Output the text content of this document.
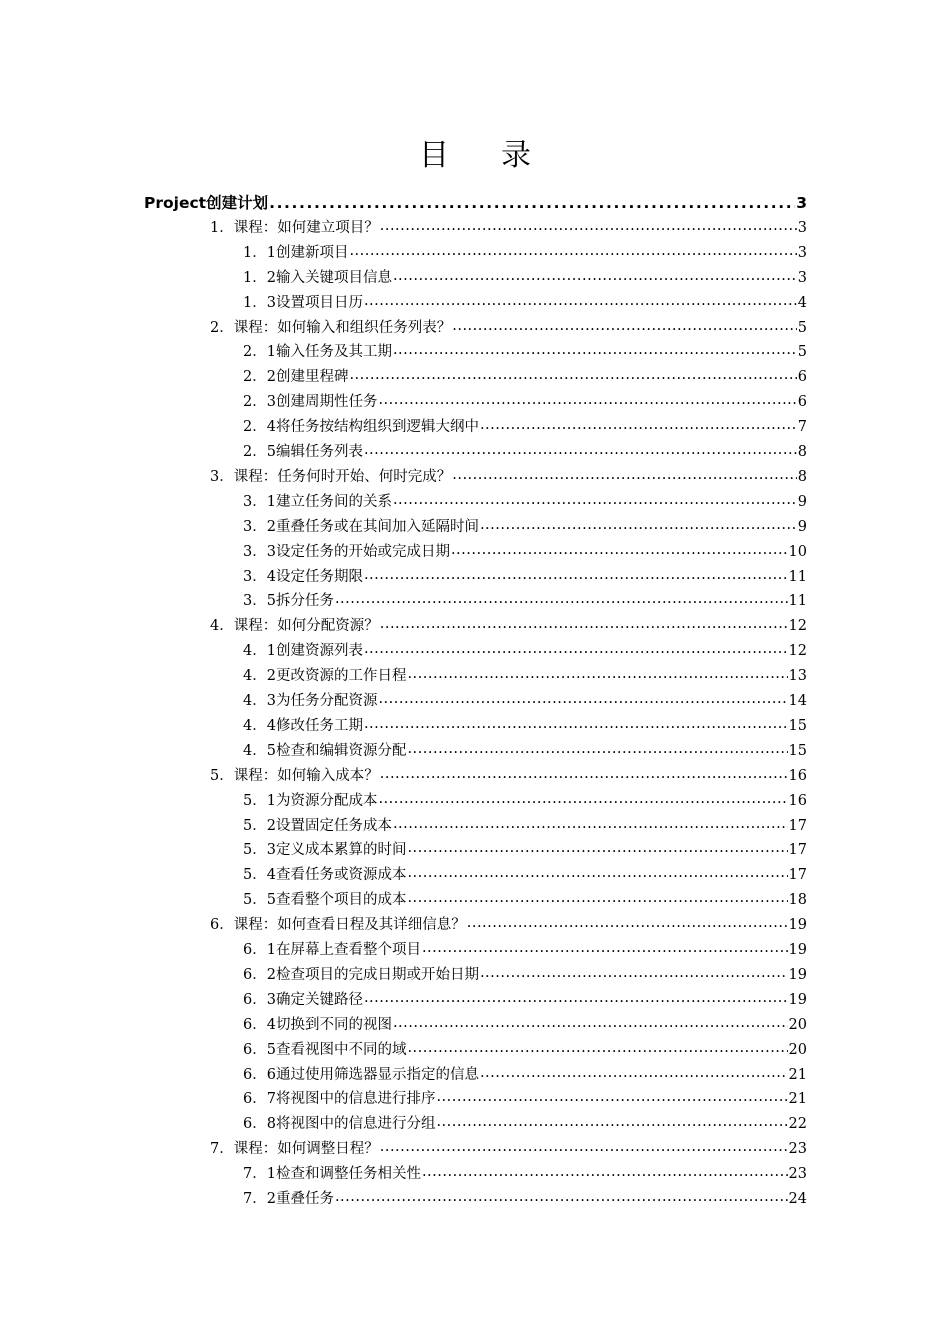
目 录
Project创建计划 .....	3
1．课程：如何建立项目？ .....	3
1．1创建新项目 .....	3
1．2输入关键项目信息 .....	3
1．3设置项目日历 .....	4
2．课程：如何输入和组织任务列表？ .....	5
2．1输入任务及其工期 .....	5
2．2创建里程碑 .....	6
2．3创建周期性任务 .....	6
2．4将任务按结构组织到逻辑大纲中 .....	7
2．5编辑任务列表 .....	8
3．课程：任务何时开始、何时完成？ .....	8
3．1建立任务间的关系 .....	9
3．2重叠任务或在其间加入延隔时间 .....	9
3．3设定任务的开始或完成日期 .....	10
3．4设定任务期限 .....	11
3．5拆分任务 .....	11
4．课程：如何分配资源？ .....	12
4．1创建资源列表 .....	12
4．2更改资源的工作日程 .....	13
4．3为任务分配资源 .....	14
4．4修改任务工期 .....	15
4．5检查和编辑资源分配 .....	15
5．课程：如何输入成本？ .....	16
5．1为资源分配成本 .....	16
5．2设置固定任务成本 .....	17
5．3定义成本累算的时间 .....	17
5．4查看任务或资源成本 .....	17
5．5查看整个项目的成本 .....	18
6．课程：如何查看日程及其详细信息？ .....	19
6．1在屏幕上查看整个项目 .....	19
6．2检查项目的完成日期或开始日期 .....	19
6．3确定关键路径 .....	19
6．4切换到不同的视图 .....	20
6．5查看视图中不同的域 .....	20
6．6通过使用筛选器显示指定的信息 .....	21
6．7将视图中的信息进行排序 .....	21
6．8将视图中的信息进行分组 .....	22
7．课程：如何调整日程？ .....	23
7．1检查和调整任务相关性 .....	23
7．2重叠任务 .....	24
